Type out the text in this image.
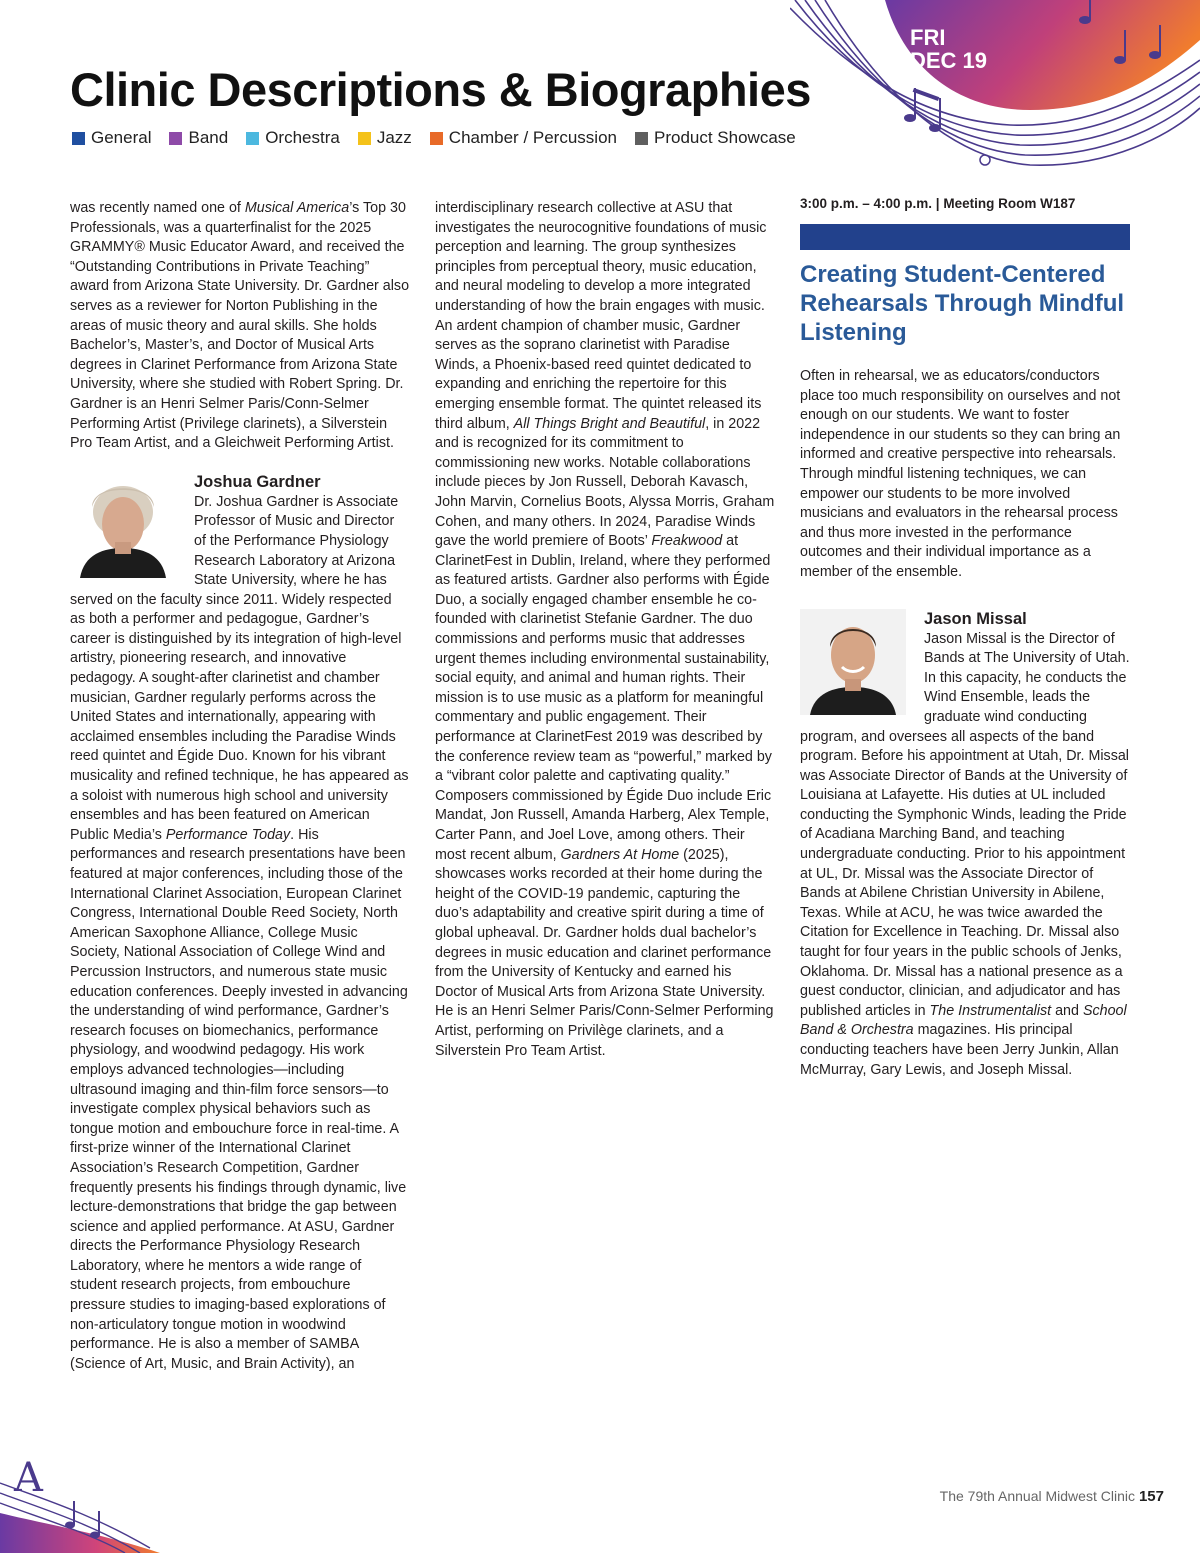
FRI
DEC 19
Clinic Descriptions & Biographies
General Band Orchestra Jazz Chamber / Percussion Product Showcase

was recently named one of Musical America’s Top 30 Professionals, was a quarterfinalist for the 2025 GRAMMY® Music Educator Award, and received the “Outstanding Contributions in Private Teaching” award from Arizona State University. Dr. Gardner also serves as a reviewer for Norton Publishing in the areas of music theory and aural skills. She holds Bachelor’s, Master’s, and Doctor of Musical Arts degrees in Clarinet Performance from Arizona State University, where she studied with Robert Spring. Dr. Gardner is an Henri Selmer Paris/Conn-Selmer Performing Artist (Privilege clarinets), a Silverstein Pro Team Artist, and a Gleichweit Performing Artist.

Joshua Gardner

Dr. Joshua Gardner is Associate Professor of Music and Director of the Performance Physiology Research Laboratory at Arizona State University, where he has served on the faculty since 2011. Widely respected as both a performer and pedagogue, Gardner’s career is distinguished by its integration of high-level artistry, pioneering research, and innovative pedagogy. A sought-after clarinetist and chamber musician, Gardner regularly performs across the United States and internationally, appearing with acclaimed ensembles including the Paradise Winds reed quintet and Égide Duo. Known for his vibrant musicality and refined technique, he has appeared as a soloist with numerous high school and university ensembles and has been featured on American Public Media’s Performance Today. His performances and research presentations have been featured at major conferences, including those of the International Clarinet Association, European Clarinet Congress, International Double Reed Society, North American Saxophone Alliance, College Music Society, National Association of College Wind and Percussion Instructors, and numerous state music education conferences. Deeply invested in advancing the understanding of wind performance, Gardner’s research focuses on biomechanics, performance physiology, and woodwind pedagogy. His work employs advanced technologies—including ultrasound imaging and thin-film force sensors—to investigate complex physical behaviors such as tongue motion and embouchure force in real-time. A first-prize winner of the International Clarinet Association’s Research Competition, Gardner frequently presents his findings through dynamic, live lecture-demonstrations that bridge the gap between science and applied performance. At ASU, Gardner directs the Performance Physiology Research Laboratory, where he mentors a wide range of student research projects, from embouchure pressure studies to imaging-based explorations of non-articulatory tongue motion in woodwind performance. He is also a member of SAMBA (Science of Art, Music, and Brain Activity), an

interdisciplinary research collective at ASU that investigates the neurocognitive foundations of music perception and learning. The group synthesizes principles from perceptual theory, music education, and neural modeling to develop a more integrated understanding of how the brain engages with music. An ardent champion of chamber music, Gardner serves as the soprano clarinetist with Paradise Winds, a Phoenix-based reed quintet dedicated to expanding and enriching the repertoire for this emerging ensemble format. The quintet released its third album, All Things Bright and Beautiful, in 2022 and is recognized for its commitment to commissioning new works. Notable collaborations include pieces by Jon Russell, Deborah Kavasch, John Marvin, Cornelius Boots, Alyssa Morris, Graham Cohen, and many others. In 2024, Paradise Winds gave the world premiere of Boots’ Freakwood at ClarinetFest in Dublin, Ireland, where they performed as featured artists. Gardner also performs with Égide Duo, a socially engaged chamber ensemble he co-founded with clarinetist Stefanie Gardner. The duo commissions and performs music that addresses urgent themes including environmental sustainability, social equity, and animal and human rights. Their mission is to use music as a platform for meaningful commentary and public engagement. Their performance at ClarinetFest 2019 was described by the conference review team as “powerful,” marked by a “vibrant color palette and captivating quality.” Composers commissioned by Égide Duo include Eric Mandat, Jon Russell, Amanda Harberg, Alex Temple, Carter Pann, and Joel Love, among others. Their most recent album, Gardners At Home (2025), showcases works recorded at their home during the height of the COVID-19 pandemic, capturing the duo’s adaptability and creative spirit during a time of global upheaval. Dr. Gardner holds dual bachelor’s degrees in music education and clarinet performance from the University of Kentucky and earned his Doctor of Musical Arts from Arizona State University. He is an Henri Selmer Paris/Conn-Selmer Performing Artist, performing on Privilège clarinets, and a Silverstein Pro Team Artist.

3:00 p.m. – 4:00 p.m. | Meeting Room W187
Creating Student-Centered Rehearsals Through Mindful Listening

Often in rehearsal, we as educators/conductors place too much responsibility on ourselves and not enough on our students. We want to foster independence in our students so they can bring an informed and creative perspective into rehearsals. Through mindful listening techniques, we can empower our students to be more involved musicians and evaluators in the rehearsal process and thus more invested in the performance outcomes and their individual importance as a member of the ensemble.

Jason Missal

Jason Missal is the Director of Bands at The University of Utah. In this capacity, he conducts the Wind Ensemble, leads the graduate wind conducting program, and oversees all aspects of the band program. Before his appointment at Utah, Dr. Missal was Associate Director of Bands at the University of Louisiana at Lafayette. His duties at UL included conducting the Symphonic Winds, leading the Pride of Acadiana Marching Band, and teaching undergraduate conducting. Prior to his appointment at UL, Dr. Missal was the Associate Director of Bands at Abilene Christian University in Abilene, Texas. While at ACU, he was twice awarded the Citation for Excellence in Teaching. Dr. Missal also taught for four years in the public schools of Jenks, Oklahoma. Dr. Missal has a national presence as a guest conductor, clinician, and adjudicator and has published articles in The Instrumentalist and School Band & Orchestra magazines. His principal conducting teachers have been Jerry Junkin, Allan McMurray, Gary Lewis, and Joseph Missal.

A	The 79th Annual Midwest Clinic 157
